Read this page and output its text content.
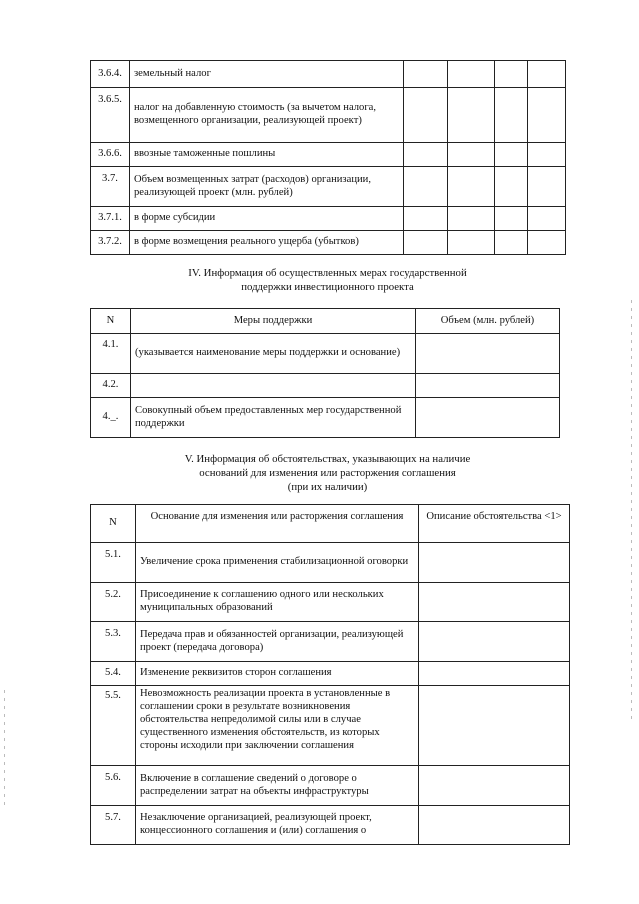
3.6.4.	земельный налог				
3.6.5.	налог на добавленную стоимость (за вычетом налога, возмещенного организации, реализующей проект)				
3.6.6.	ввозные таможенные пошлины				
3.7.	Объем возмещенных затрат (расходов) организации, реализующей проект (млн. рублей)				
3.7.1.	в форме субсидии				
3.7.2.	в форме возмещения реального ущерба (убытков)				
IV. Информация об осуществленных мерах государственной
поддержки инвестиционного проекта
N	Меры поддержки	Объем (млн. рублей)
4.1.	(указывается наименование меры поддержки и основание)	
4.2.		
4._.	Совокупный объем предоставленных мер государственной поддержки	
V. Информация об обстоятельствах, указывающих на наличие
оснований для изменения или расторжения соглашения
(при их наличии)
N	Основание для изменения или расторжения соглашения	Описание обстоятельства <1>
5.1.	Увеличение срока применения стабилизационной оговорки	
5.2.	Присоединение к соглашению одного или нескольких муниципальных образований	
5.3.	Передача прав и обязанностей организации, реализующей проект (передача договора)	
5.4.	Изменение реквизитов сторон соглашения	
5.5.	Невозможность реализации проекта в установленные в соглашении сроки в результате возникновения обстоятельства непредолимой силы или в случае существенного изменения обстоятельств, из которых стороны исходили при заключении соглашения	
5.6.	Включение в соглашение сведений о договоре о распределении затрат на объекты инфраструктуры	
5.7.	Незаключение организацией, реализующей проект, концессионного соглашения и (или) соглашения о	
